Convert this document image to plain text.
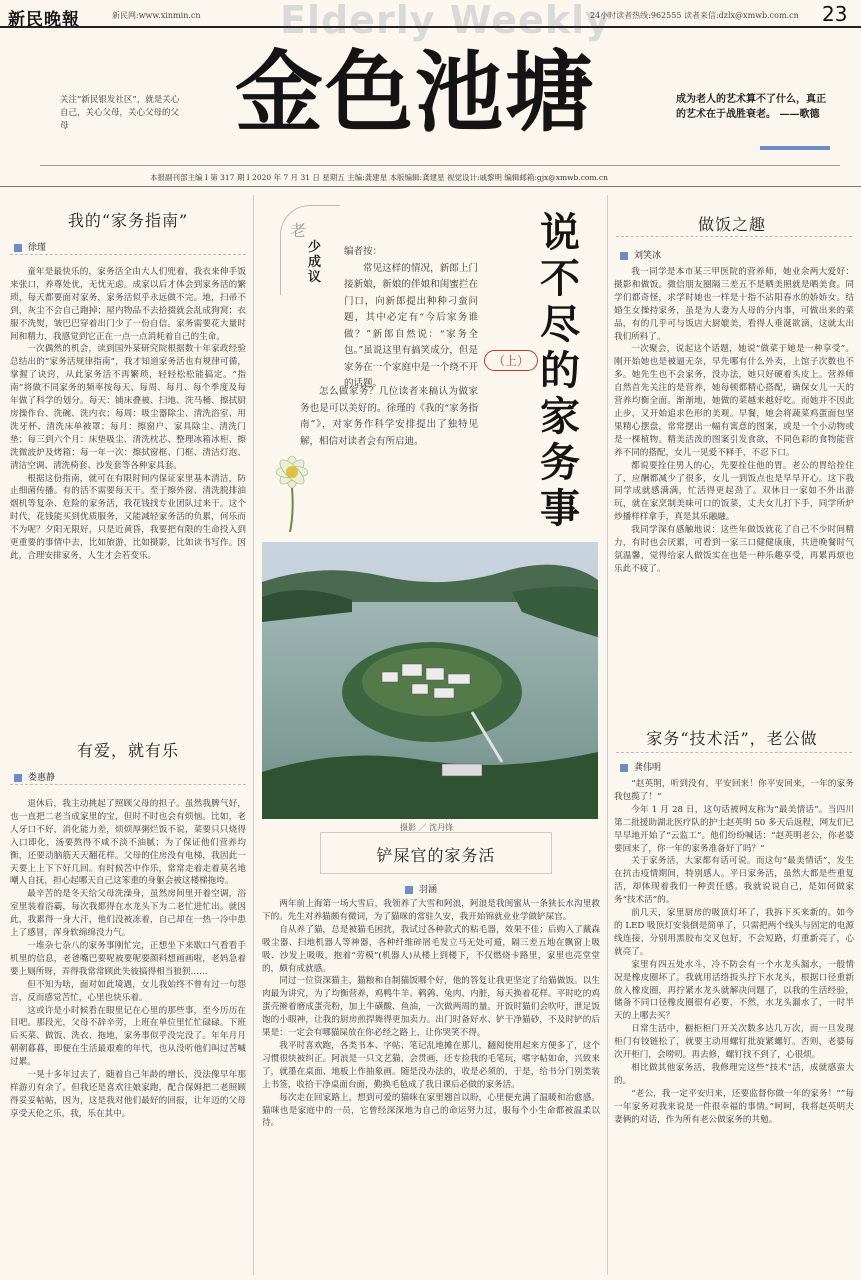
新民晚報	新民网:www.xinmin.cn Elderly Weekly
24小时读者热线:962555 读者来信:dzlx@xmwb.com.cn 23
关注“新民银发社区”，就是关心自己，关心父母，关心父母的父母	金色池塘	成为老人的艺术算不了什么，真正的艺术在于战胜衰老。 ——歌德
本报副刊部主编 Ⅰ 第 317 期 Ⅰ 2020 年 7 月 31 日 星期五 主编:龚建星 本版编辑:龚建星 视觉设计:戚黎明 编辑邮箱:gjx@xmwb.com.cn
我的“家务指南”
徐瑾

童年是最快乐的，家务活全由大人们兜着，我衣来伸手饭来张口，养尊处优，无忧无虑。成家以后才体会到家务活的繁琐，每天都要面对家务，家务活似乎永远做不完。地，扫帚不到，灰尘不会自己跑掉；屋内物品不去拾掇就会乱成狗窝；衣服不洗熨，皱巴巴穿着出门少了一份自信。家务需要花大量时间和精力，我感觉到它正在一点一点消耗着自己的生命。

一次偶然的机会，读到国外某研究院根据数十年家政经验总结出的“家务活规律指南”，我才知道家务活也有规律可循，掌握了诀窍，从此家务活不再繁琐，轻轻松松能搞定。“指南”将做不同家务的频率按每天、每周、每月、每个季度及每年做了科学的划分。每天：铺床叠被、扫地、洗马桶、擦拭厨房操作台、洗碗、洗内衣；每周：吸尘器除尘、清洗浴室、用洗牙杯、清洗床单被罩；每月：擦窗户、家具除尘、清洗门垫；每三到六个月：床垫吸尘、清洗枕芯、整理冰箱冰柜、擦洗微波炉及烤箱；每一年一次：擦拭窗框、门框、清洁灯泡、清洁空调、清洗椅套、沙发套等各种家具套。

根据这份指南，就可在有限时间内保证家里基本清洁，防止细菌传播。有的活不需要每天干。至于擦外窗、清洗脱排油烟机等复杂、危险的家务活，我花钱找专业团队过来干。这个时代，花钱能买到优质服务，又能减轻家务活的负累，何乐而不为呢？夕阳无限好，只是近黄昏，我要把有限的生命投入到更重要的事情中去，比如旅游，比如摄影，比如读书写作。因此，合理安排家务，人生才会若变乐。

有爱，就有乐
娄惠静

退休后，我主动挑起了照顾父母的担子。虽然我脾气好，也一直把二老当成家里的宝，但时不时也会有烦恼。比如，老人牙口不好，消化能力差，烦烦厚粥烂饭不说，菜要只只烧得入口即化，汤要熬得不咸不淡不油腻；为了保证他们营养均衡，还要动脑筋天天翻花样。父母的住房没有电梯，我因此一天要上上下下好几回。有时候苦中作乐，常常走着走着莫名地嘲人自抚，担心起哪天自己这笨重的身躯会被这楼梯拖垮。

最辛苦的是冬天给父母洗澡身，虽然房间里开着空调，浴室里装着浴霸，每次我都得在水龙头下为二老忙进忙出。就因此，我累得一身大汗，他们没被冻着，自己却在一热一冷中患上了感冒，浑身软绵绵没力气。

一堆杂七杂八的家务事刚忙完，正想坐下来歇口气看看手机里的信息，老爸嘴巴要呢被要呢要颜料想画画啦，老妈急着要上厕所呀，弄得我常常顾此失彼搞得相当狼狈……

但不知为啥，面对如此境遇，女儿我始终不曾有过一句怨言，反而感觉苦忙，心里也快乐着。

这或许是小时候看在眼里记在心里的那些事，至今历历在目吧。那段光，父母不辞辛劳，上班在单位里忙忙碌碌。下班后买菜、做饭、洗衣、拖地，家务事似乎没完没了。年年月月朝朝暮暮，即便在生活最艰难的年代，也从没听他们叫过苦喊过累。

一晃十多年过去了，随着自己年龄的增长，没法像早年那样游刃有余了。但我还是喜欢往娘家跑，配合保姆把二老照顾得妥妥帖帖，因为，这是我对他们最好的回报，让年迈的父母享受天伦之乐，我，乐在其中。

老
少成议

编者按：

常见这样的情况，新郎上门接新娘，新娘的伴娘和闺蜜拦在门口，向新郎提出种种刁蛮问题，其中必定有“今后家务谁做？”新郎自然说：“家务全包。”虽说这里有搞笑成分，但是家务在一个家庭中是一个绕不开的话题。

怎么做家务？几位读者来稿认为做家务也是可以美好的。徐瑾的《我的“家务指南”》，对家务作科学安排提出了独特见解，相信对读者会有所启迪。

说不尽的家务事
（上）
摄影 ／ 沈丹锋
铲屎官的家务活
羽涵

两年前上海第一场大雪后，我领养了大雪和阿浪，阿浪是我闺蜜从一条狭长水沟里救下的。先生对养猫颇有微词，为了猫咪的常驻久安，我开始锦就业业学做铲屎官。

自从养了猫，总是被猫毛困扰，我试过各种款式的粘毛器，效果不佳；后购入了戴森吸尘器、扫地机器人等神器，各种纤维碎屑毛发立马无处可遁，隔三差五地在飘窗上吸吸、沙发上吸吸，抱着“劳模”(机器人)从楼上到楼下，不仅燃烧卡路里，家里也亮堂堂的，颇有成就感。

同过一位资深猫主，猫粮和自制猫饭哪个好，他的答复让我更坚定了给猫做饭。以生肉最为讲究，为了均衡营养，鸡鸭牛羊、鹌鹑、兔肉、内脏，每天换着花样。平时吃的鸡蛋壳擀着磨成蛋壳粉，加上牛磺酸、鱼油，一次做两周的量。开饭时猫们会吹吁，泄足饭饱的小眼神，让我的厨房煎捍舞得更加卖力。出门时备好水、铲干净猫砂，不及时铲的后果是：一定会有哪猫屎放在你必经之路上，让你哭笑不得。

我平时喜欢跑，各类书本、字帖、笔记乱地摊在那儿，翻阅使用起来方便多了，这个习惯很快被纠正。阿浪是一只文艺猫，会贯画，还专捡我的毛笔玩，嗜字帖如命，兴致来了，就墨在桌面、地板上作抽象画。随是没办法的，收是必须的，于是，给书分门别类装上书签，收拾干净桌面台面，勤换毛毡成了我日课后必做的家务活。

每次走在回家路上，想到可爱的猫咪在家里翘首以盼，心里便充满了温暖和治愈感。猫咪也是家庭中的一员，它曾经深深地为自己的命运努力过，服每个小生命都被温柔以待。

做饭之趣
刘笑冰

我一同学是本市某三甲医院的营养师，她业余两大爱好：摄影和做饭。微信朋友圈隔三差五不是晒美照就是晒美食。同学们都奇怪，求学时她也一样是十指不沾阳春水的娇娇女。结婚生女操持家务，虽是为人妻为人母的分内事，可做出来的菜品，有的几乎可与饭店大厨媲美，看得人垂涎欲滴，这就太出我们所料了。

一次聚会，说起这个话题，她说“做菜于她是一种享受”。刚开始她也是被逼无奈，早先哪有什么外卖，上馆子次数也不多。她先生也不会家务，没办法，她只好硬着头皮上。营养师自然首先关注的是营养，她每顿都精心搭配，确保女儿一天的营养均衡全面。渐渐地，她做的菜越来越好吃。而她并不因此止步，又开始追求色形的美观。早餐，她会将蔬菜鸡蛋面包坚果精心摆盘，常常摆出一幅有寓意的图案，或是一个小动物或是一棵植物。精美活泼的图案引发食欲，不同色彩的食物能营养不同的搭配，女儿一见爱不释手，不忍下口。

都说要拴住男人的心，先要拴住他的胃。老公的胃给拴住了，应酬都减少了很多，女儿一到饭点也是早早开心。这下我同学成就感满满，忙活得更起劲了。双休日一家如不外出游玩，就在家烹制美味可口的饭菜，丈夫女儿打下手，同学所炉炒播样样拿手，真是其乐融融。

我同学深有感触地说：这些年做饭就花了自己不少时间精力，有时也会厌累，可看到一家三口健健康康，共进晚餐时气氛温馨，觉得给家人做饭实在也是一种乐趣享受，再累再烦也乐此不疲了。

家务“技术活”，老公做
龚伟明

“赵英明，听到没有，平安回来！你平安回来，一年的家务我包揽了！”

今年 1 月 28 日，这句话被网友称为“最美情话”。当四川第二批援助湖北医疗队的护士赵英明 50 多天后返程，网友们已早早地开始了“云监工”。他们纷纷喊话：“赵英明老公，你老婆要回来了，你一年的家务准备好了吗？”

关于家务活，大家都有话可说。而这句“最美情话”，发生在抗击疫情期间，特别感人。平日家务活，虽然大都是些重复活，却体现着我们一种责任感。我就说说自己，是如何做家务“技术活”的。

前几天，家里厨房的吸顶灯坏了，我拆下买来新的。如今的 LED 吸顶灯安装倒是简单了，只需把两个线头与固定的电源线连接，分别用黑胶布交叉包好，不会短路，灯重新亮了，心就亮了。

家里有四五处水斗，冷不防会有一个水龙头漏水，一般情况是橡皮圈坏了。我就用活络扳头拧下水龙头，根据口径重新放入橡皮圈，再拧紧水龙头就解决问题了，以我的生活经验，储备不同口径橡皮圈很有必要，不然，水龙头漏水了，一时半天的上哪去买？

日常生活中，橱柜柜门开关次数多达几万次，而一旦发现柜门有铰链松了，就要主动用螺钉批旋紧螺钉。否则，老婆每次开柜门，会唠叨。再去修，螺钉找不到了，心很烦。

相比做其他家务活，我修理完这些“技术”活，成就感蛮大的。

“老公，我一定平安归来，还要监督你做一年的家务！””每一年家务对我来说是一件很幸福的事情。”呵呵，我将赵英明夫妻俩的对话，作为所有老公做家务的共勉。
